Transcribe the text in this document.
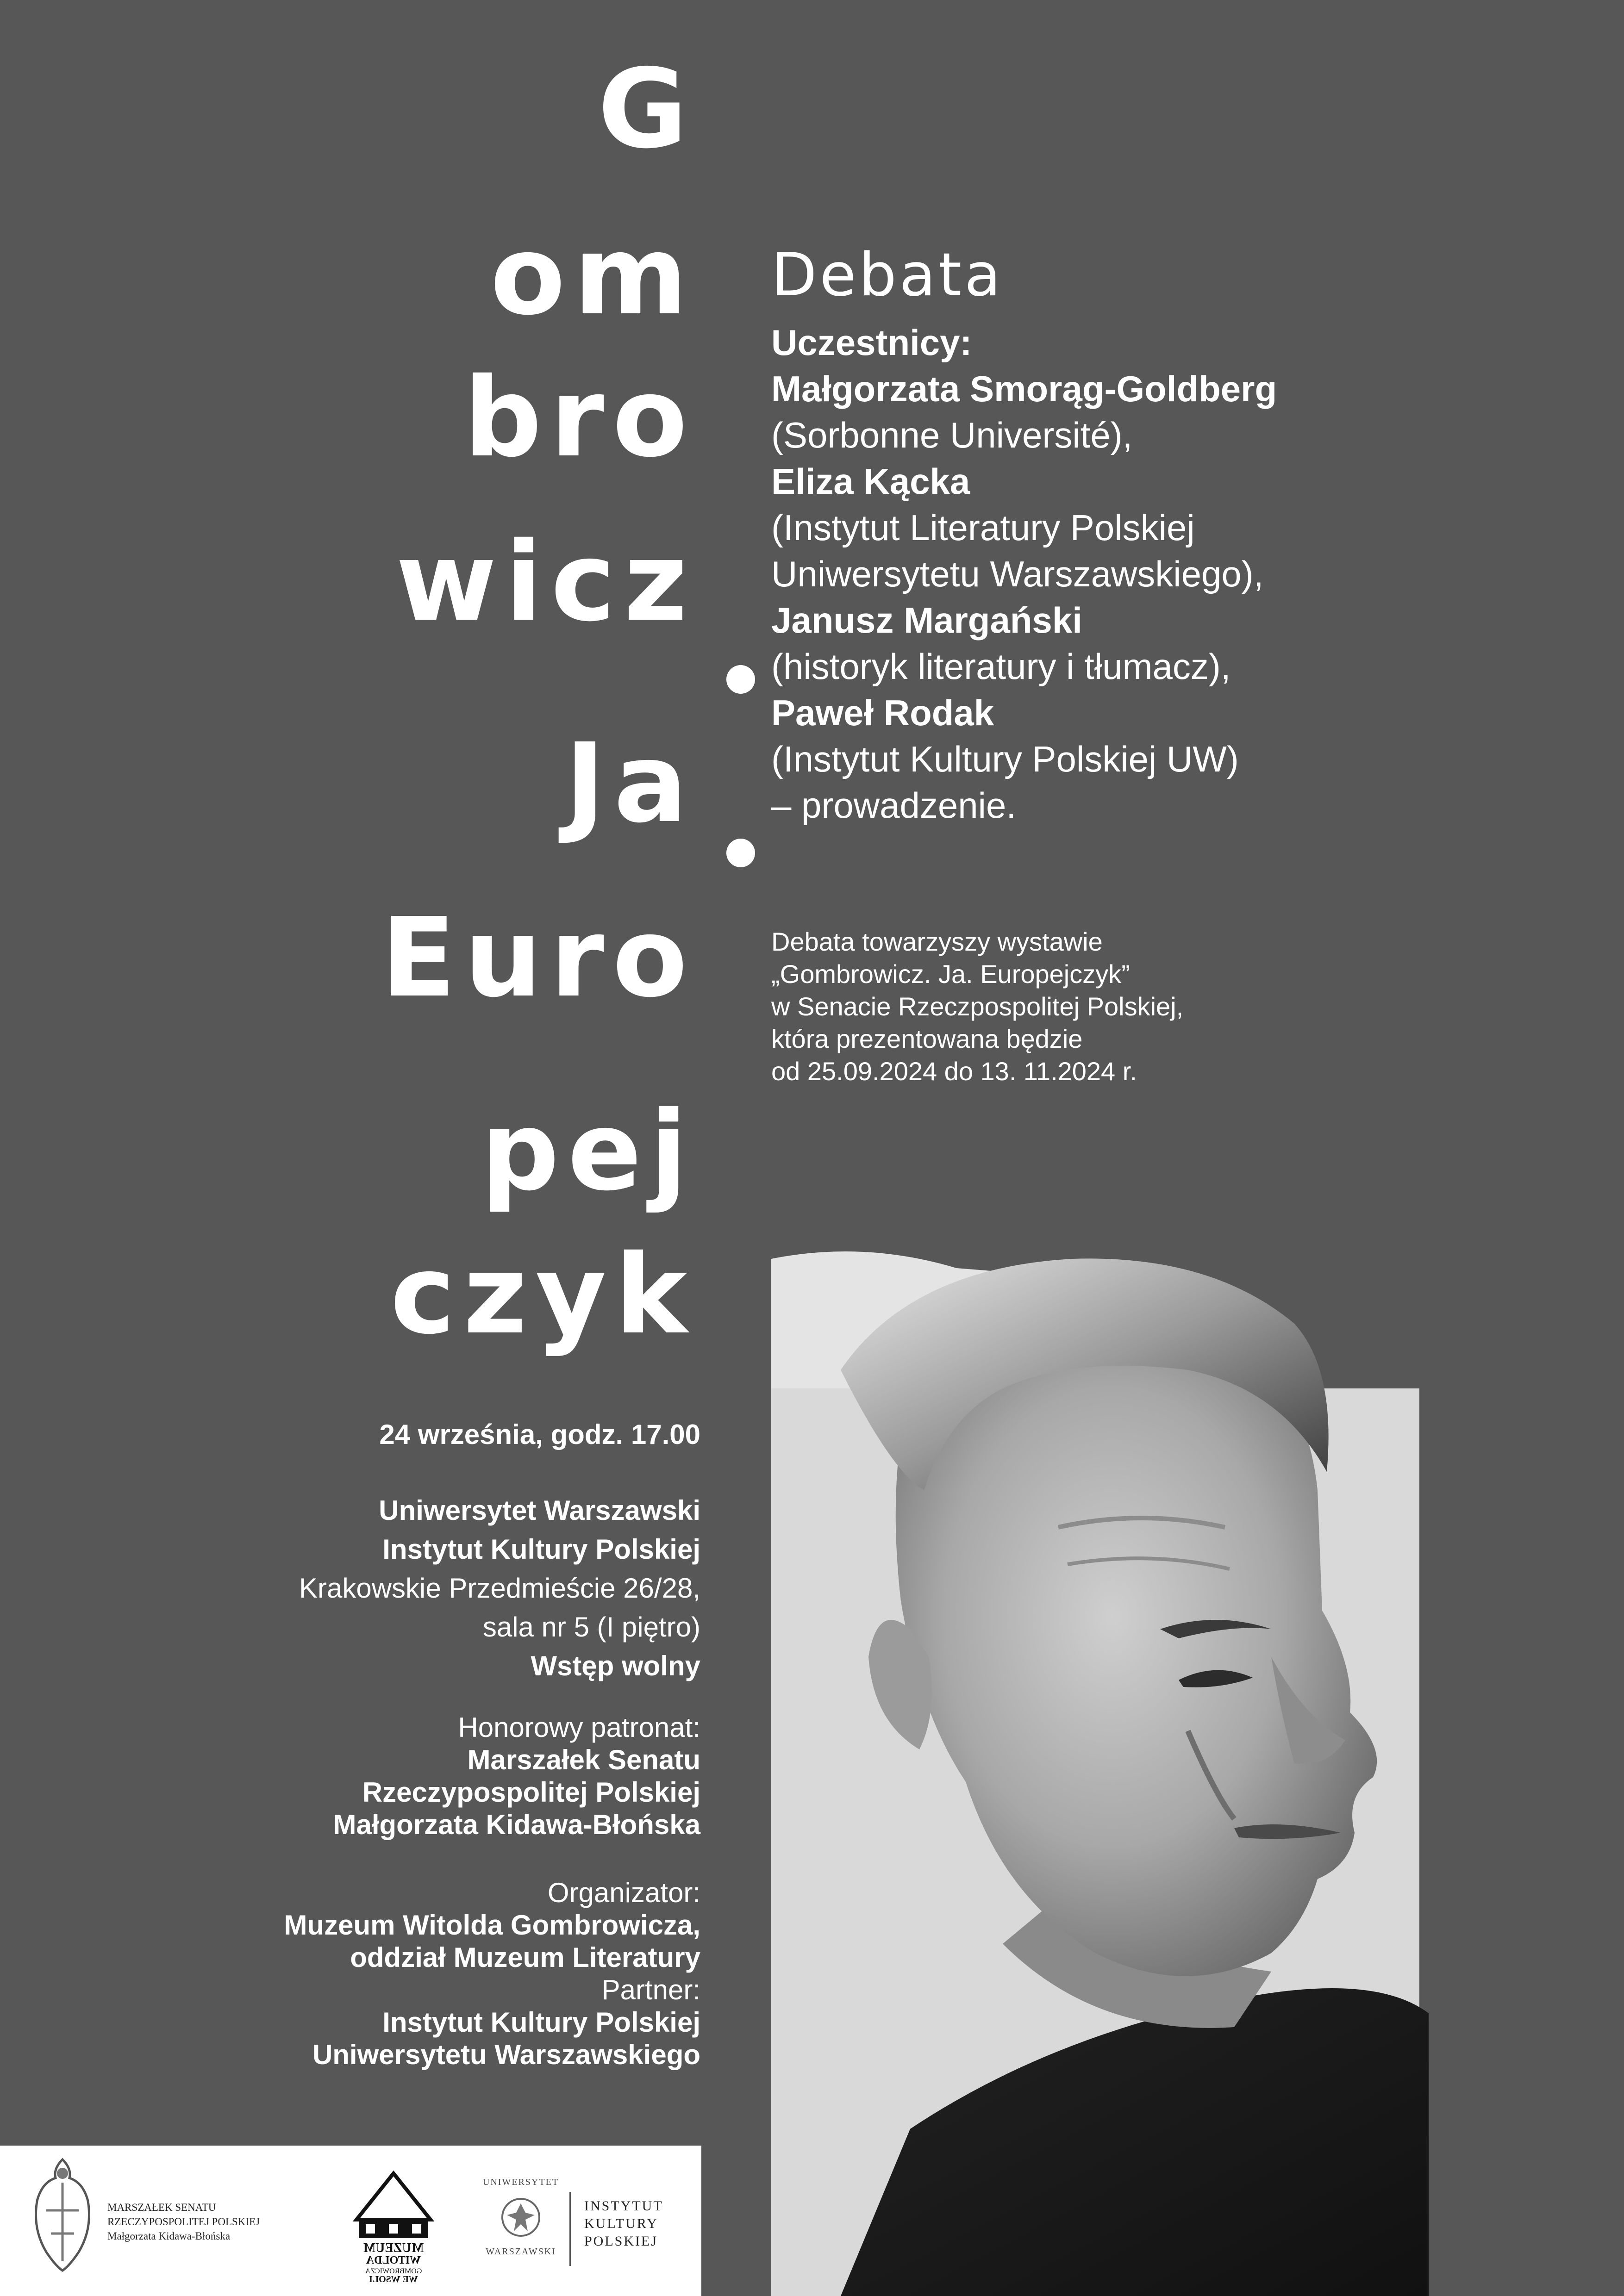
G
om
bro
wicz
Ja
Euro
pej
czyk
Debata
Uczestnicy:
Małgorzata Smorąg-Goldberg
(Sorbonne Université),
Eliza Kącka
(Instytut Literatury Polskiej
Uniwersytetu Warszawskiego),
Janusz Margański
(historyk literatury i tłumacz),
Paweł Rodak
(Instytut Kultury Polskiej UW)
– prowadzenie.
Debata towarzyszy wystawie
„Gombrowicz. Ja. Europejczyk”
w Senacie Rzeczpospolitej Polskiej,
która prezentowana będzie
od 25.09.2024 do 13. 11.2024 r.
24 września, godz. 17.00
Uniwersytet Warszawski
Instytut Kultury Polskiej
Krakowskie Przedmieście 26/28,
sala nr 5 (I piętro)
Wstęp wolny
Honorowy patronat:
Marszałek Senatu
Rzeczypospolitej Polskiej
Małgorzata Kidawa-Błońska
Organizator:
Muzeum Witolda Gombrowicza,
oddział Muzeum Literatury
Partner:
Instytut Kultury Polskiej
Uniwersytetu Warszawskiego
MARSZAŁEK SENATU
RZECZYPOSPOLITEJ POLSKIEJ
Małgorzata Kidawa-Błońska
MUZEUM
WITOLDA
GOMBROWICZA
WE WSOLI
UNIWERSYTET
WARSZAWSKI
INSTYTUT
KULTURY
POLSKIEJ
